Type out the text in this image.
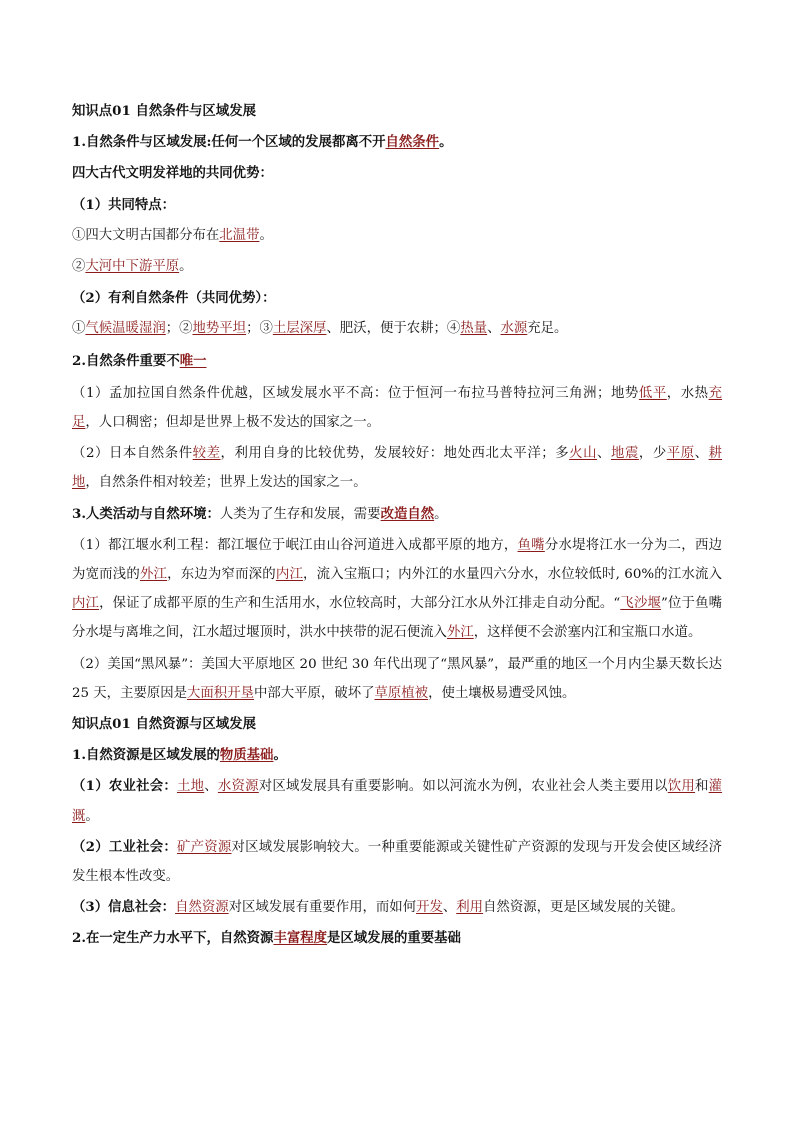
知识点01 自然条件与区域发展
1.自然条件与区域发展:任何一个区域的发展都离不开自然条件。
四大古代文明发祥地的共同优势：
（1）共同特点：
①四大文明古国都分布在北温带。
②大河中下游平原。
（2）有利自然条件（共同优势）：
①气候温暖湿润；②地势平坦；③土层深厚、肥沃，便于农耕；④热量、水源充足。
2.自然条件重要不唯一
（1）孟加拉国自然条件优越，区域发展水平不高：位于恒河一布拉马普特拉河三角洲；地势低平，水热充足，人口稠密；但却是世界上极不发达的国家之一。
（2）日本自然条件较差，利用自身的比较优势，发展较好：地处西北太平洋；多火山、地震，少平原、耕地，自然条件相对较差；世界上发达的国家之一。
3.人类活动与自然环境：人类为了生存和发展，需要改造自然。
（1）都江堰水利工程：都江堰位于岷江由山谷河道进入成都平原的地方，鱼嘴分水堤将江水一分为二，西边为宽而浅的外江，东边为窄而深的内江，流入宝瓶口；内外江的水量四六分水，水位较低时, 60%的江水流入内江，保证了成都平原的生产和生活用水，水位较高时，大部分江水从外江排走自动分配。“飞沙堰”位于鱼嘴分水堤与离堆之间，江水超过堰顶时，洪水中挟带的泥石便流入外江，这样便不会淤塞内江和宝瓶口水道。
（2）美国“黑风暴”：美国大平原地区 20 世纪 30 年代出现了“黑风暴”，最严重的地区一个月内尘暴天数长达 25 天，主要原因是大面积开垦中部大平原，破坏了草原植被，使土壤极易遭受风蚀。
知识点01 自然资源与区域发展
1.自然资源是区域发展的物质基础。
（1）农业社会：土地、水资源对区域发展具有重要影响。如以河流水为例，农业社会人类主要用以饮用和灌溉。
（2）工业社会：矿产资源对区域发展影响较大。一种重要能源或关键性矿产资源的发现与开发会使区域经济发生根本性改变。
（3）信息社会：自然资源对区域发展有重要作用，而如何开发、利用自然资源，更是区域发展的关键。
2.在一定生产力水平下，自然资源丰富程度是区域发展的重要基础
